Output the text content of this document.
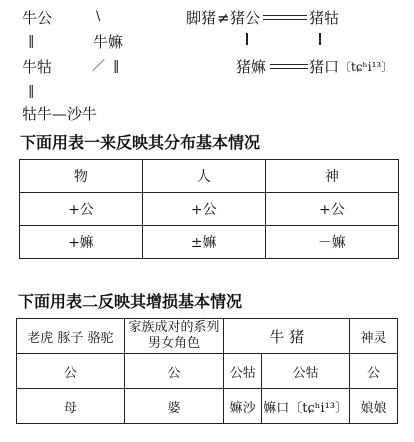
牛公	\
‖	牛嫲
牛牯	／ ‖
‖
牯牛—沙牛
脚猪 ≠ 猪公	猪牯
猪嫲	猪口 〔tɕʰi¹³〕
下面用表一来反映其分布基本情况
物	人	神
+公	+公	+公
+嫲	±嫲	－嫲
下面用表二反映其增损基本情况
老虎 豚子 骆驼	家族成对的系列男女角色	牛 猪		神灵
公	公	公牯	公牯	公
母	婆	嫲沙	嫲口〔tɕʰi¹³〕	娘娘
